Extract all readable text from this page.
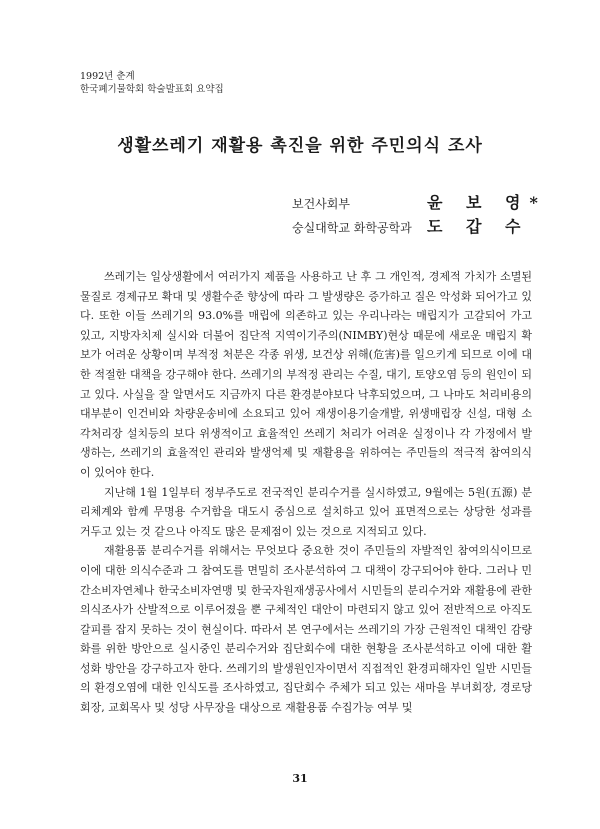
1992년 춘계
한국폐기물학회 학술발표회 요약집
생활쓰레기 재활용 촉진을 위한 주민의식 조사
보건사회부	윤 보 영*
숭실대학교 화학공학과 도 갑 수

쓰레기는 일상생활에서 여러가지 제품을 사용하고 난 후 그 개인적, 경제적 가치가 소멸된 물질로 경제규모 확대 및 생활수준 향상에 따라 그 발생량은 증가하고 질은 악성화 되어가고 있다. 또한 이들 쓰레기의 93.0%를 매립에 의존하고 있는 우리나라는 매립지가 고갈되어 가고 있고, 지방자치제 실시와 더불어 집단적 지역이기주의(NIMBY)현상 때문에 새로운 매립지 확보가 어려운 상황이며 부적정 처분은 각종 위생, 보건상 위해(危害)를 일으키게 되므로 이에 대한 적절한 대책을 강구해야 한다. 쓰레기의 부적정 관리는 수질, 대기, 토양오염 등의 원인이 되고 있다. 사실을 잘 알면서도 지금까지 다른 환경분야보다 낙후되었으며, 그 나마도 처리비용의 대부분이 인건비와 차량운송비에 소요되고 있어 재생이용기술개발, 위생매립장 신설, 대형 소각처리장 설치등의 보다 위생적이고 효율적인 쓰레기 처리가 어려운 실정이나 각 가정에서 발생하는, 쓰레기의 효율적인 관리와 발생억제 및 재활용을 위하여는 주민들의 적극적 참여의식이 있어야 한다.

지난해 1월 1일부터 정부주도로 전국적인 분리수거를 실시하였고, 9월에는 5원(五源) 분리체계와 함께 무명용 수거함을 대도시 중심으로 설치하고 있어 표면적으로는 상당한 성과를 거두고 있는 것 같으나 아직도 많은 문제점이 있는 것으로 지적되고 있다.

재활용품 분리수거를 위해서는 무엇보다 중요한 것이 주민들의 자발적인 참여의식이므로 이에 대한 의식수준과 그 참여도를 면밀히 조사분석하여 그 대책이 강구되어야 한다. 그러나 민간소비자연체나 한국소비자연맹 및 한국자원재생공사에서 시민들의 분리수거와 재활용에 관한 의식조사가 산발적으로 이루어졌을 뿐 구체적인 대안이 마련되지 않고 있어 전반적으로 아직도 갈피를 잡지 못하는 것이 현실이다. 따라서 본 연구에서는 쓰레기의 가장 근원적인 대책인 감량화를 위한 방안으로 실시중인 분리수거와 집단회수에 대한 현황을 조사분석하고 이에 대한 활성화 방안을 강구하고자 한다. 쓰레기의 발생원인자이면서 직접적인 환경피해자인 일반 시민들의 환경오염에 대한 인식도를 조사하였고, 집단회수 주체가 되고 있는 새마을 부녀회장, 경로당 회장, 교회목사 및 성당 사무장을 대상으로 재활용품 수집가능 여부 및

31
